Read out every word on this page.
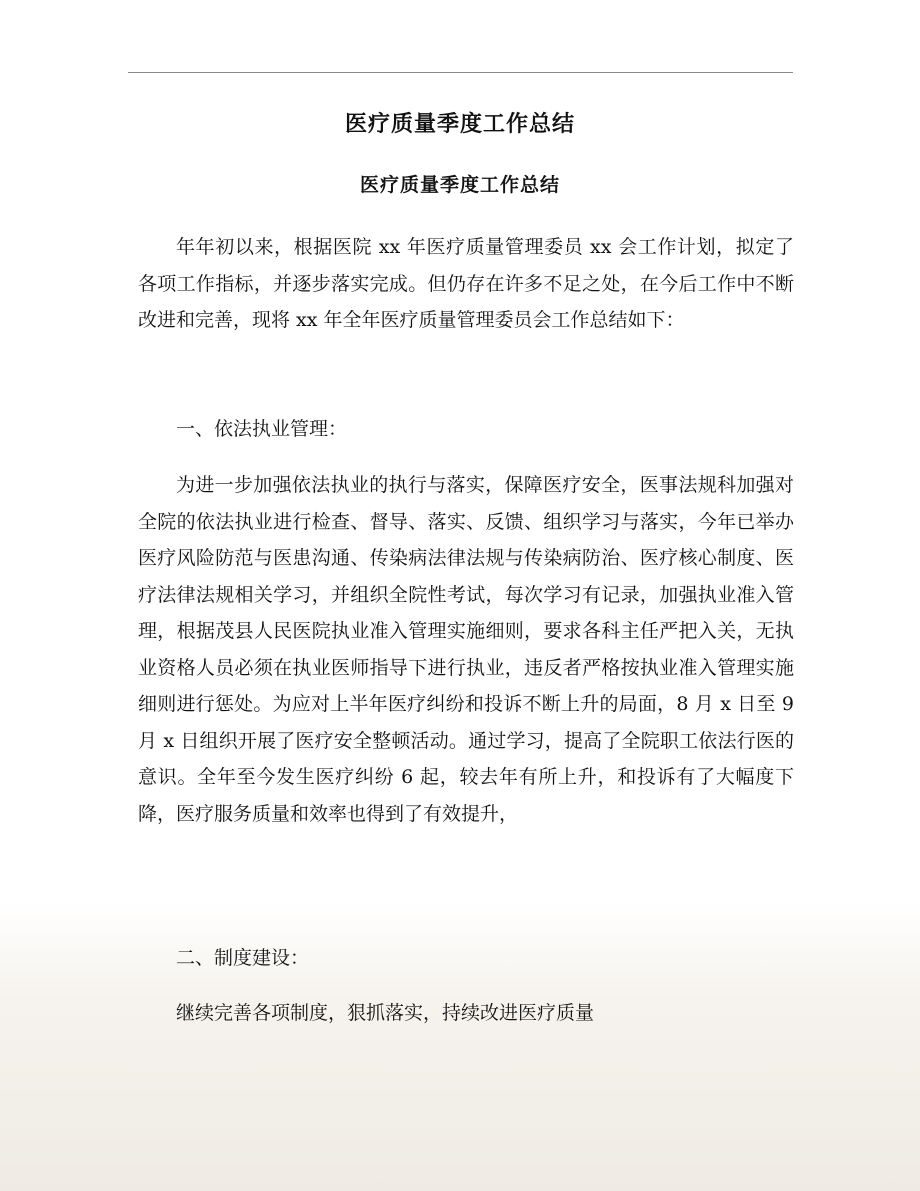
医疗质量季度工作总结
医疗质量季度工作总结

年年初以来，根据医院 xx 年医疗质量管理委员 xx 会工作计划，拟定了各项工作指标，并逐步落实完成。但仍存在许多不足之处，在今后工作中不断改进和完善，现将 xx 年全年医疗质量管理委员会工作总结如下：

一、依法执业管理：

为进一步加强依法执业的执行与落实，保障医疗安全，医事法规科加强对全院的依法执业进行检查、督导、落实、反馈、组织学习与落实，今年已举办医疗风险防范与医患沟通、传染病法律法规与传染病防治、医疗核心制度、医疗法律法规相关学习，并组织全院性考试，每次学习有记录，加强执业准入管理，根据茂县人民医院执业准入管理实施细则，要求各科主任严把入关，无执业资格人员必须在执业医师指导下进行执业，违反者严格按执业准入管理实施细则进行惩处。为应对上半年医疗纠纷和投诉不断上升的局面，8 月 x 日至 9 月 x 日组织开展了医疗安全整顿活动。通过学习，提高了全院职工依法行医的意识。全年至今发生医疗纠纷 6 起，较去年有所上升，和投诉有了大幅度下降，医疗服务质量和效率也得到了有效提升，

二、制度建设：

继续完善各项制度，狠抓落实，持续改进医疗质量
